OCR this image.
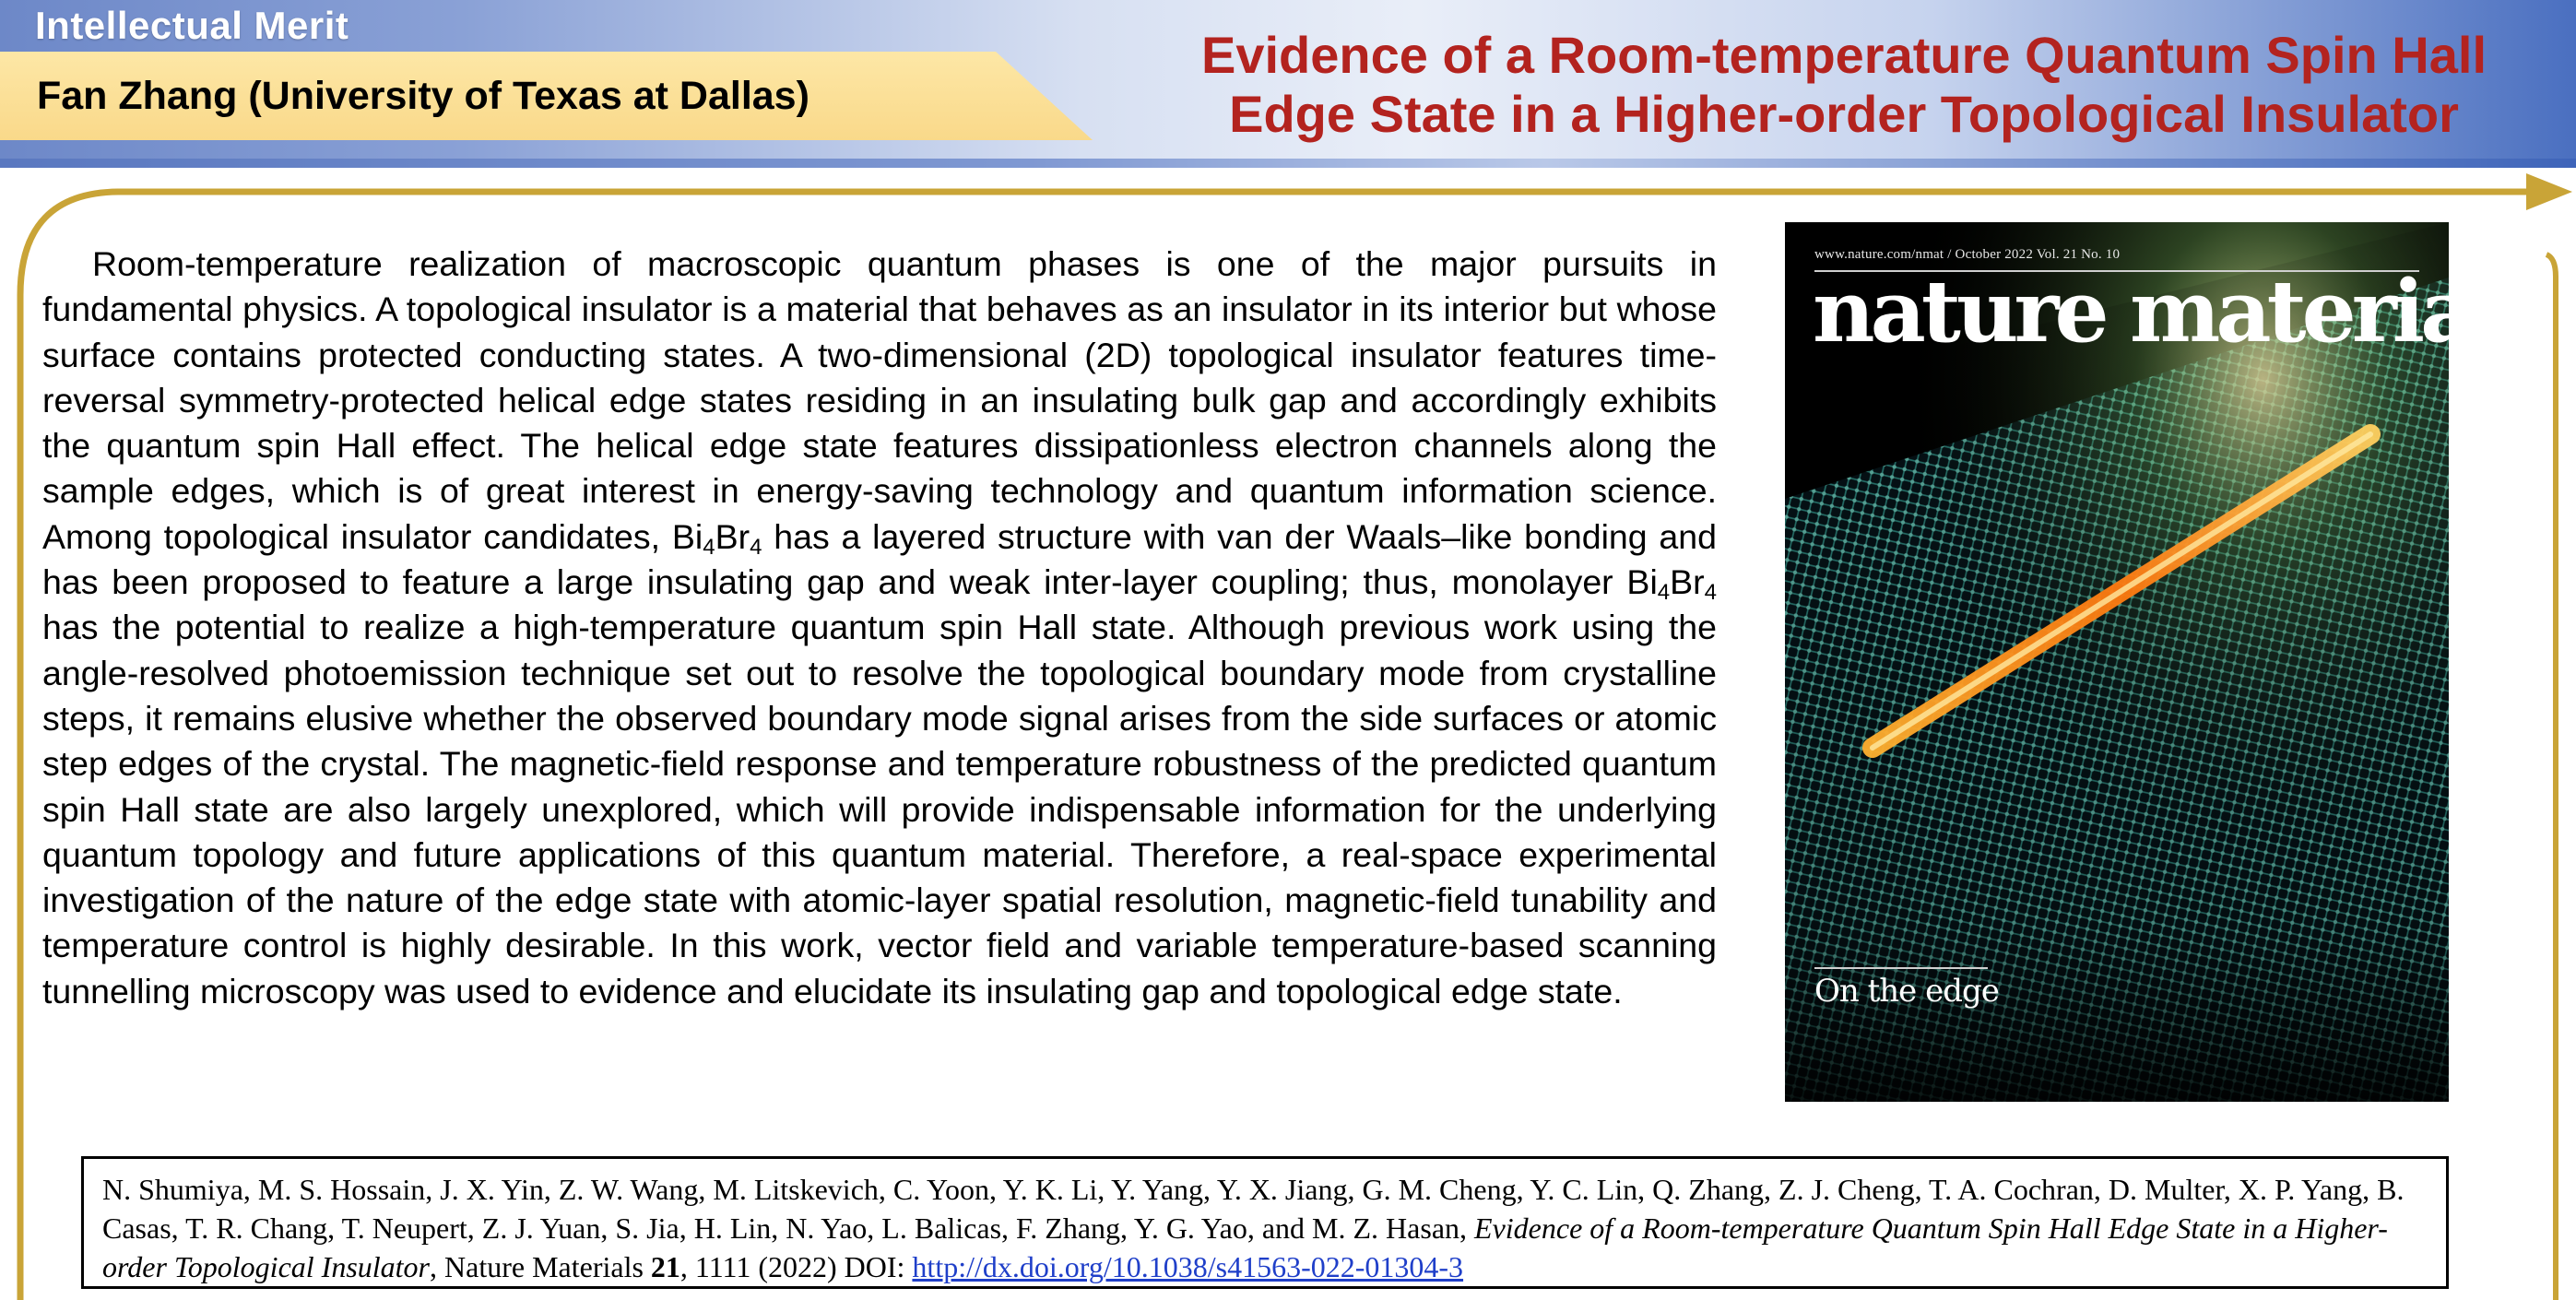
Intellectual Merit
Fan Zhang (University of Texas at Dallas)
Evidence of a Room-temperature Quantum Spin Hall
Edge State in a Higher-order Topological Insulator

Room-temperature realization of macroscopic quantum phases is one of the major pursuits in fundamental physics. A topological insulator is a material that behaves as an insulator in its interior but whose surface contains protected conducting states. A two-dimensional (2D) topological insulator features time-reversal symmetry-protected helical edge states residing in an insulating bulk gap and accordingly exhibits the quantum spin Hall effect. The helical edge state features dissipationless electron channels along the sample edges, which is of great interest in energy-saving technology and quantum information science. Among topological insulator candidates, $Bi_4Br_4$ has a layered structure with van der Waals–like bonding and has been proposed to feature a large insulating gap and weak inter-layer coupling; thus, monolayer $Bi_4Br_4$ has the potential to realize a high-temperature quantum spin Hall state. Although previous work using the angle-resolved photoemission technique set out to resolve the topological boundary mode from crystalline steps, it remains elusive whether the observed boundary mode signal arises from the side surfaces or atomic step edges of the crystal. The magnetic-field response and temperature robustness of the predicted quantum spin Hall state are also largely unexplored, which will provide indispensable information for the underlying quantum topology and future applications of this quantum material. Therefore, a real-space experimental investigation of the nature of the edge state with atomic-layer spatial resolution, magnetic-field tunability and temperature control is highly desirable. In this work, vector field and variable temperature-based scanning tunnelling microscopy was used to evidence and elucidate its insulating gap and topological edge state.

www.nature.com/nmat / October 2022 Vol. 21 No. 10
nature materials
On the edge
N. Shumiya, M. S. Hossain, J. X. Yin, Z. W. Wang, M. Litskevich, C. Yoon, Y. K. Li, Y. Yang, Y. X. Jiang, G. M. Cheng, Y. C. Lin, Q. Zhang, Z. J. Cheng, T. A. Cochran, D. Multer, X. P. Yang, B. Casas, T. R. Chang, T. Neupert, Z. J. Yuan, S. Jia, H. Lin, N. Yao, L. Balicas, F. Zhang, Y. G. Yao, and M. Z. Hasan, Evidence of a Room-temperature Quantum Spin Hall Edge State in a Higher-order Topological Insulator, Nature Materials 21, 1111 (2022) DOI: http://dx.doi.org/10.1038/s41563-022-01304-3
